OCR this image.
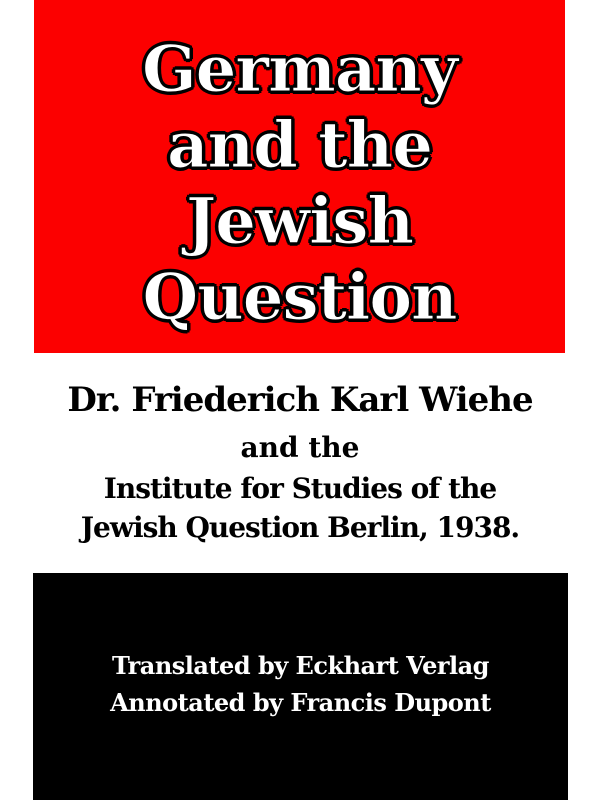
Germany
and the
Jewish
Question
Dr. Friederich Karl Wiehe
and the
Institute for Studies of the
Jewish Question Berlin, 1938.
Translated by Eckhart Verlag
Annotated by Francis Dupont
